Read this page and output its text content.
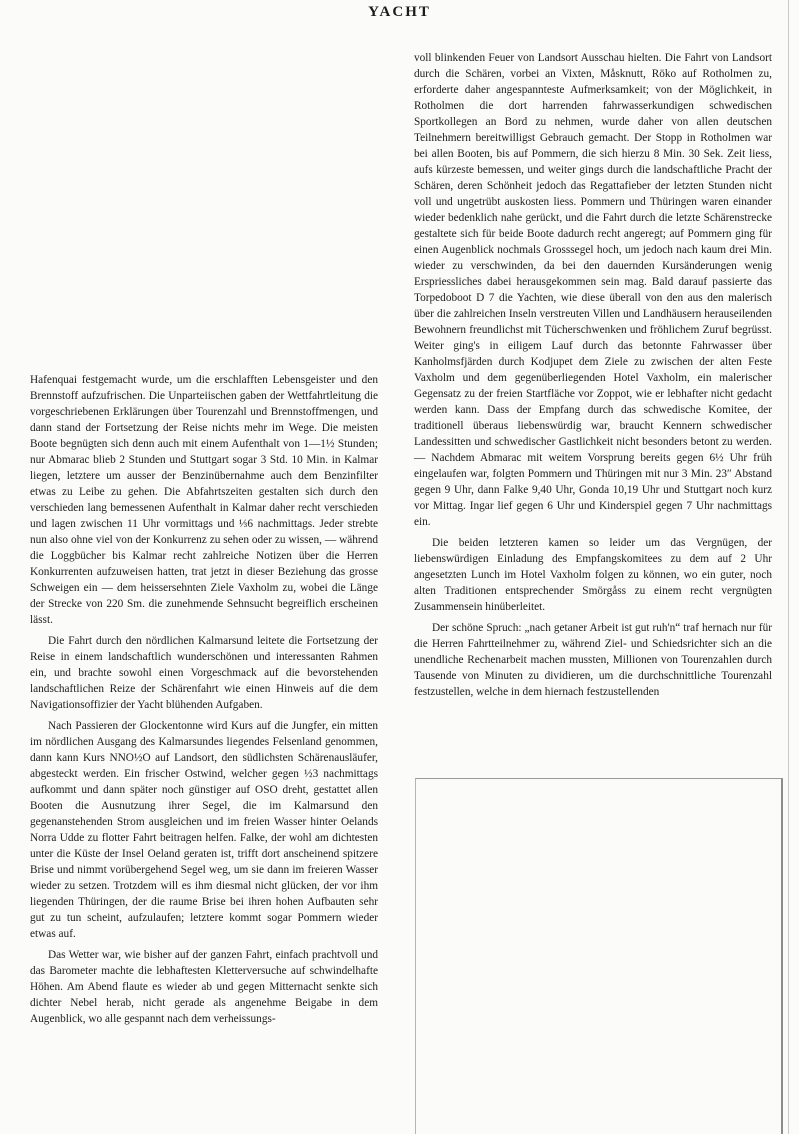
YACHT

Hafenquai festgemacht wurde, um die erschlafften Lebensgeister und den Brennstoff aufzufrischen. Die Unparteiischen gaben der Wettfahrtleitung die vorgeschriebenen Erklärungen über Tourenzahl und Brennstoffmengen, und dann stand der Fortsetzung der Reise nichts mehr im Wege. Die meisten Boote begnügten sich denn auch mit einem Aufenthalt von 1—1½ Stunden; nur Abmarac blieb 2 Stunden und Stuttgart sogar 3 Std. 10 Min. in Kalmar liegen, letztere um ausser der Benzinübernahme auch dem Benzinfilter etwas zu Leibe zu gehen. Die Abfahrtszeiten gestalten sich durch den verschieden lang bemessenen Aufenthalt in Kalmar daher recht verschieden und lagen zwischen 11 Uhr vormittags und ⅓6 nachmittags. Jeder strebte nun also ohne viel von der Konkurrenz zu sehen oder zu wissen, — während die Loggbücher bis Kalmar recht zahlreiche Notizen über die Herren Konkurrenten aufzuweisen hatten, trat jetzt in dieser Beziehung das grosse Schweigen ein — dem heissersehnten Ziele Vaxholm zu, wobei die Länge der Strecke von 220 Sm. die zunehmende Sehnsucht begreiflich erscheinen lässt.

Die Fahrt durch den nördlichen Kalmarsund leitete die Fortsetzung der Reise in einem landschaftlich wunderschönen und interessanten Rahmen ein, und brachte sowohl einen Vorgeschmack auf die bevorstehenden landschaftlichen Reize der Schärenfahrt wie einen Hinweis auf die dem Navigationsoffizier der Yacht blühenden Aufgaben.

Nach Passieren der Glockentonne wird Kurs auf die Jungfer, ein mitten im nördlichen Ausgang des Kalmarsundes liegendes Felsenland genommen, dann kann Kurs NNO½O auf Landsort, den südlichsten Schärenausläufer, abgesteckt werden. Ein frischer Ostwind, welcher gegen ½3 nachmittags aufkommt und dann später noch günstiger auf OSO dreht, gestattet allen Booten die Ausnutzung ihrer Segel, die im Kalmarsund den gegenanstehenden Strom ausgleichen und im freien Wasser hinter Oelands Norra Udde zu flotter Fahrt beitragen helfen. Falke, der wohl am dichtesten unter die Küste der Insel Oeland geraten ist, trifft dort anscheinend spitzere Brise und nimmt vorübergehend Segel weg, um sie dann im freieren Wasser wieder zu setzen. Trotzdem will es ihm diesmal nicht glücken, der vor ihm liegenden Thüringen, der die raume Brise bei ihren hohen Aufbauten sehr gut zu tun scheint, aufzulaufen; letztere kommt sogar Pommern wieder etwas auf.

Das Wetter war, wie bisher auf der ganzen Fahrt, einfach prachtvoll und das Barometer machte die lebhaftesten Kletterversuche auf schwindelhafte Höhen. Am Abend flaute es wieder ab und gegen Mitternacht senkte sich dichter Nebel herab, nicht gerade als angenehme Beigabe in dem Augenblick, wo alle gespannt nach dem verheissungs-

voll blinkenden Feuer von Landsort Ausschau hielten. Die Fahrt von Landsort durch die Schären, vorbei an Vixten, Måsknutt, Röko auf Rotholmen zu, erforderte daher angespannteste Aufmerksamkeit; von der Möglichkeit, in Rotholmen die dort harrenden fahrwasserkundigen schwedischen Sportkollegen an Bord zu nehmen, wurde daher von allen deutschen Teilnehmern bereitwilligst Gebrauch gemacht. Der Stopp in Rotholmen war bei allen Booten, bis auf Pommern, die sich hierzu 8 Min. 30 Sek. Zeit liess, aufs kürzeste bemessen, und weiter gings durch die landschaftliche Pracht der Schären, deren Schönheit jedoch das Regattafieber der letzten Stunden nicht voll und ungetrübt auskosten liess. Pommern und Thüringen waren einander wieder bedenklich nahe gerückt, und die Fahrt durch die letzte Schärenstrecke gestaltete sich für beide Boote dadurch recht angeregt; auf Pommern ging für einen Augenblick nochmals Grosssegel hoch, um jedoch nach kaum drei Min. wieder zu verschwinden, da bei den dauernden Kursänderungen wenig Erspriessliches dabei herausgekommen sein mag. Bald darauf passierte das Torpedoboot D 7 die Yachten, wie diese überall von den aus den malerisch über die zahlreichen Inseln verstreuten Villen und Landhäusern herauseilenden Bewohnern freundlichst mit Tücherschwenken und fröhlichem Zuruf begrüsst. Weiter ging's in eiligem Lauf durch das betonnte Fahrwasser über Kanholmsfjärden durch Kodjupet dem Ziele zu zwischen der alten Feste Vaxholm und dem gegenüberliegenden Hotel Vaxholm, ein malerischer Gegensatz zu der freien Startfläche vor Zoppot, wie er lebhafter nicht gedacht werden kann. Dass der Empfang durch das schwedische Komitee, der traditionell überaus liebenswürdig war, braucht Kennern schwedischer Landessitten und schwedischer Gastlichkeit nicht besonders betont zu werden. — Nachdem Abmarac mit weitem Vorsprung bereits gegen 6½ Uhr früh eingelaufen war, folgten Pommern und Thüringen mit nur 3 Min. 23″ Abstand gegen 9 Uhr, dann Falke 9,40 Uhr, Gonda 10,19 Uhr und Stuttgart noch kurz vor Mittag. Ingar lief gegen 6 Uhr und Kinderspiel gegen 7 Uhr nachmittags ein.

Die beiden letzteren kamen so leider um das Vergnügen, der liebenswürdigen Einladung des Empfangskomitees zu dem auf 2 Uhr angesetzten Lunch im Hotel Vaxholm folgen zu können, wo ein guter, noch alten Traditionen entsprechender Smörgåss zu einem recht vergnügten Zusammensein hinüberleitet.

Der schöne Spruch: „nach getaner Arbeit ist gut ruh'n“ traf hernach nur für die Herren Fahrtteilnehmer zu, während Ziel- und Schiedsrichter sich an die unendliche Rechenarbeit machen mussten, Millionen von Tourenzahlen durch Tausende von Minuten zu dividieren, um die durchschnittliche Tourenzahl festzustellen, welche in dem hiernach festzustellenden
